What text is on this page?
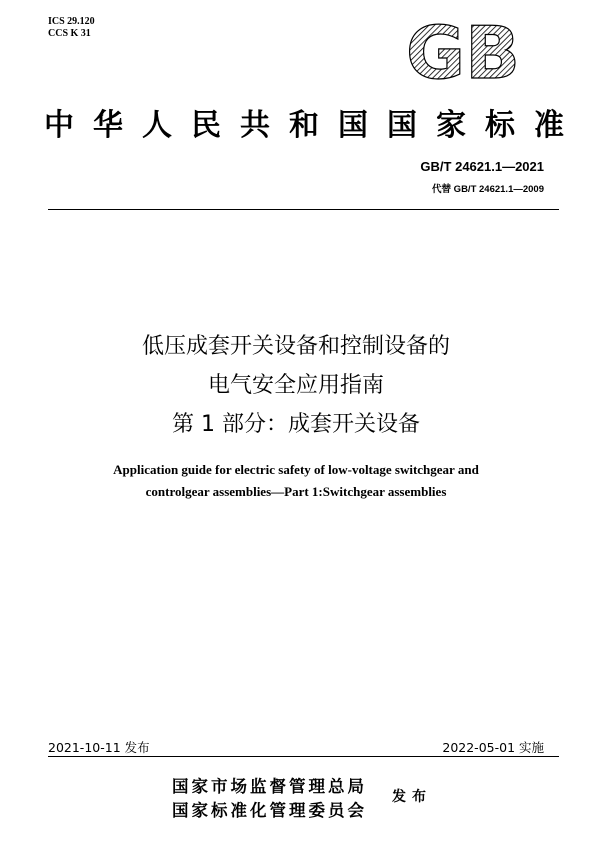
ICS 29.120
CCS K 31	GB
中 华 人 民 共 和 国 国 家 标 准
GB/T 24621.1—2021
代替 GB/T 24621.1—2009
低压成套开关设备和控制设备的
电气安全应用指南
第 1 部分：成套开关设备
Application guide for electric safety of low-voltage switchgear and
controlgear assemblies—Part 1:Switchgear assemblies
2021-10-11 发布	2022-05-01 实施
国家市场监督管理总局
国家标准化管理委员会
发布
